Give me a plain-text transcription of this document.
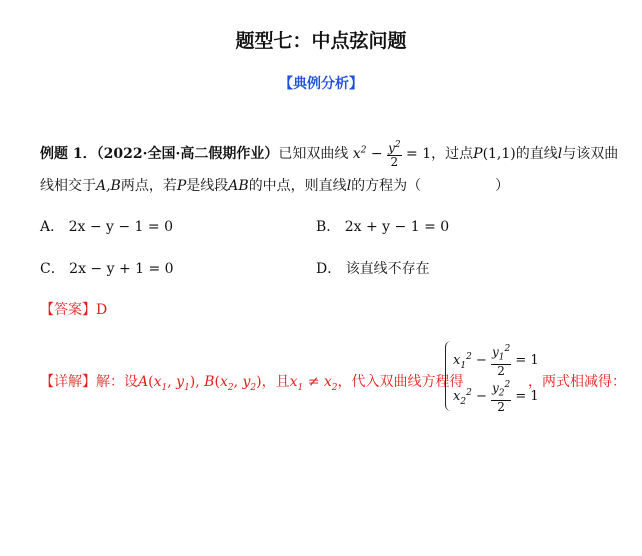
题型七：中点弦问题
【典例分析】
例题 1．（2022·全国·高二假期作业）已知双曲线 $x^2 - \frac{y^2}{2} = 1$，过点P(1,1)的直线l与该双曲
线相交于A,B两点，若P是线段AB的中点，则直线l的方程为（	）
A． 2x − y − 1 = 0	B． 2x + y − 1 = 0
C． 2x − y + 1 = 0	D． 该直线不存在
【答案】D
【详解】解：设$A(x_1$, $y_1$), $B(x_2$, $y_2$)，且$x_1 \ne x_2$，代入双曲线方程得
$x_1^2 - \frac{y_1^2}{2} = 1$
$x_2^2 - \frac{y_2^2}{2} = 1$
，两式相减得：
